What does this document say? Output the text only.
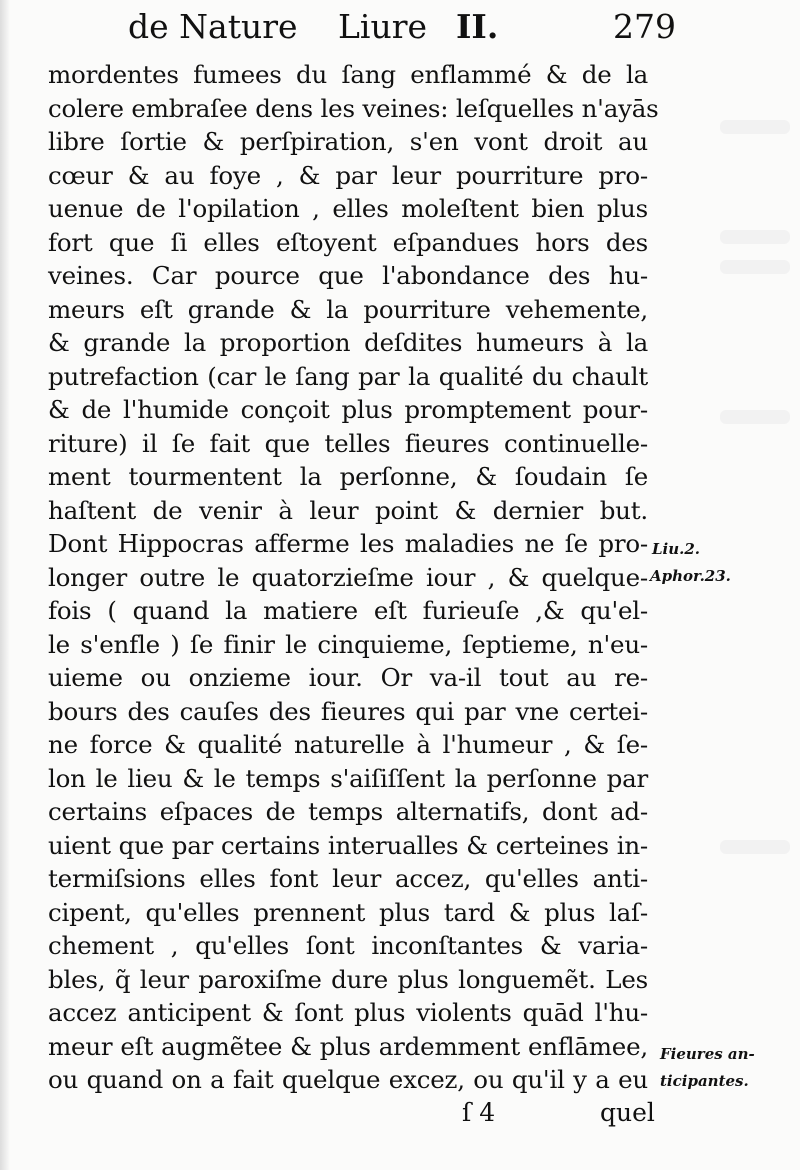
de Nature Liure II.	279
mordentes fumees du ſang enflammé & de la
colere embraſee dens les veines: leſquelles n'ayās
libre ſortie & perſpiration, s'en vont droit au
cœur & au foye , & par leur pourriture pro-
uenue de l'opilation , elles moleſtent bien plus
fort que ſi elles eſtoyent eſpandues hors des
veines. Car pource que l'abondance des hu-
meurs eſt grande & la pourriture vehemente,
& grande la proportion deſdites humeurs à la
putrefaction (car le ſang par la qualité du chault
& de l'humide conçoit plus promptement pour-
riture) il ſe fait que telles fieures continuelle-
ment tourmentent la perſonne, & ſoudain ſe
haſtent de venir à leur point & dernier but.
Dont Hippocras afferme les maladies ne ſe pro-
longer outre le quatorzieſme iour , & quelque-
fois ( quand la matiere eſt furieuſe ,& qu'el-
le s'enfle ) ſe finir le cinquieme, ſeptieme, n'eu-
uieme ou onzieme iour. Or va-il tout au re-
bours des cauſes des fieures qui par vne certei-
ne force & qualité naturelle à l'humeur , & ſe-
lon le lieu & le temps s'aiſiſſent la perſonne par
certains eſpaces de temps alternatifs, dont ad-
uient que par certains interualles & certeines in-
termiſsions elles font leur accez, qu'elles anti-
cipent, qu'elles prennent plus tard & plus laſ-
chement , qu'elles ſont inconſtantes & varia-
bles, q̃ leur paroxiſme dure plus longuemẽt. Les
accez anticipent & ſont plus violents quād l'hu-
meur eſt augmẽtee & plus ardemment enflāmee,
ou quand on a fait quelque excez, ou qu'il y a eu
Liu.2.
Aphor.23.
Fieures an-
ticipantes.
ſ 4	quel
